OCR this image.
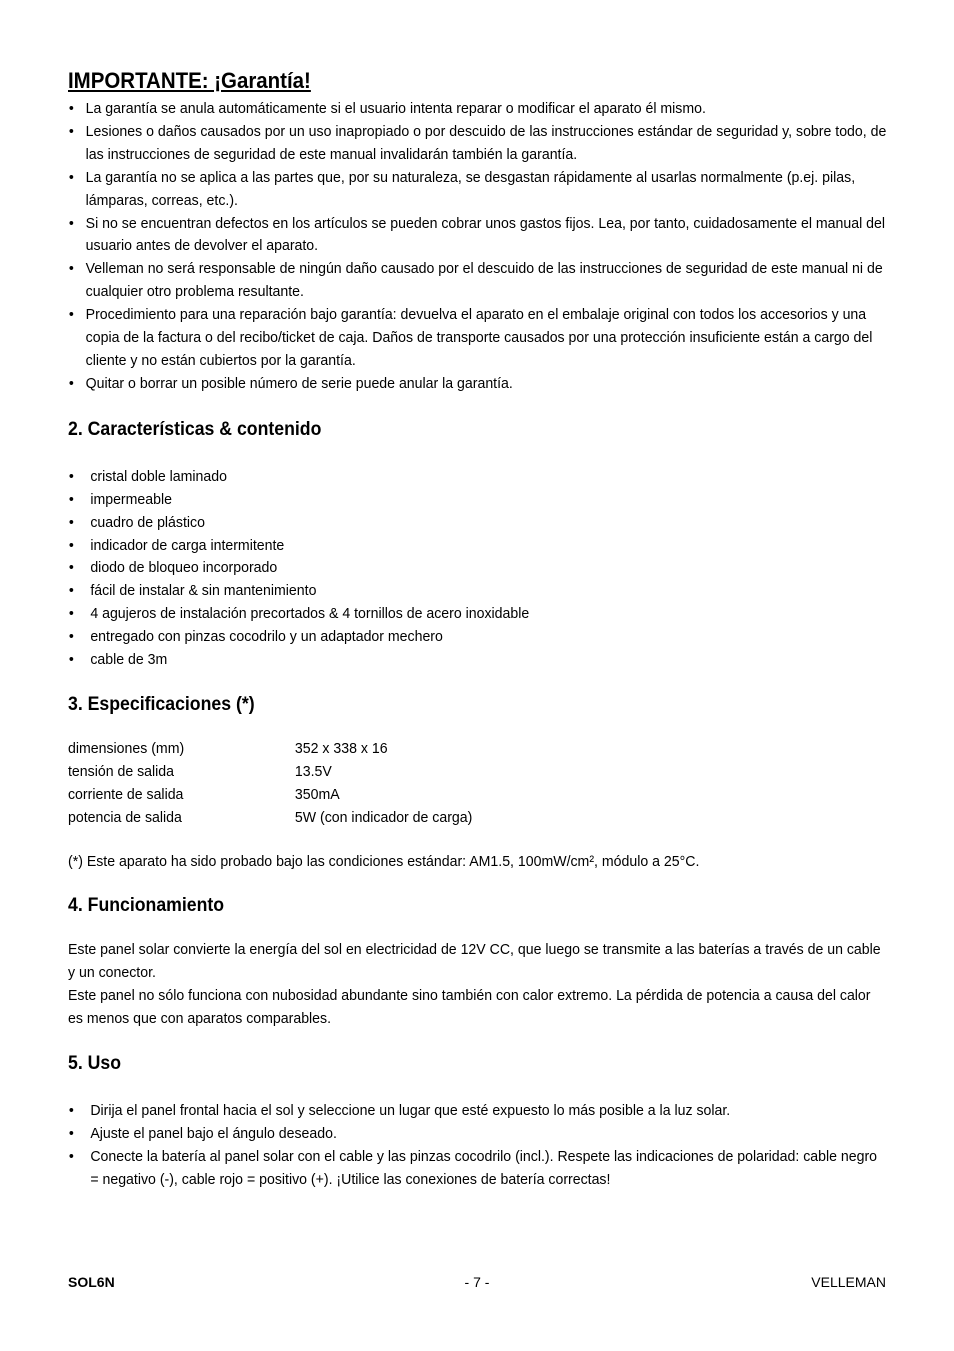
IMPORTANTE: ¡Garantía!
• La garantía se anula automáticamente si el usuario intenta reparar o modificar el aparato él mismo.
• Lesiones o daños causados por un uso inapropiado o por descuido de las instrucciones estándar de seguridad y, sobre todo, de las instrucciones de seguridad de este manual invalidarán también la garantía.
• La garantía no se aplica a las partes que, por su naturaleza, se desgastan rápidamente al usarlas normalmente (p.ej. pilas, lámparas, correas, etc.).
• Si no se encuentran defectos en los artículos se pueden cobrar unos gastos fijos. Lea, por tanto, cuidadosamente el manual del usuario antes de devolver el aparato.
• Velleman no será responsable de ningún daño causado por el descuido de las instrucciones de seguridad de este manual ni de cualquier otro problema resultante.
• Procedimiento para una reparación bajo garantía: devuelva el aparato en el embalaje original con todos los accesorios y una copia de la factura o del recibo/ticket de caja. Daños de transporte causados por una protección insuficiente están a cargo del cliente y no están cubiertos por la garantía.
• Quitar o borrar un posible número de serie puede anular la garantía.
2. Características & contenido
• cristal doble laminado
• impermeable
• cuadro de plástico
• indicador de carga intermitente
• diodo de bloqueo incorporado
• fácil de instalar & sin mantenimiento
• 4 agujeros de instalación precortados & 4 tornillos de acero inoxidable
• entregado con pinzas cocodrilo y un adaptador mechero
• cable de 3m
3. Especificaciones (*)
dimensiones (mm)	352 x 338 x 16
tensión de salida	13.5V
corriente de salida	350mA
potencia de salida	5W (con indicador de carga)

(*) Este aparato ha sido probado bajo las condiciones estándar: AM1.5, 100mW/cm², módulo a 25°C.

4. Funcionamiento

Este panel solar convierte la energía del sol en electricidad de 12V CC, que luego se transmite a las baterías a través de un cable y un conector.

Este panel no sólo funciona con nubosidad abundante sino también con calor extremo. La pérdida de potencia a causa del calor es menos que con aparatos comparables.

5. Uso
• Dirija el panel frontal hacia el sol y seleccione un lugar que esté expuesto lo más posible a la luz solar.
• Ajuste el panel bajo el ángulo deseado.
• Conecte la batería al panel solar con el cable y las pinzas cocodrilo (incl.). Respete las indicaciones de polaridad: cable negro = negativo (-), cable rojo = positivo (+). ¡Utilice las conexiones de batería correctas!
SOL6N	- 7 -	VELLEMAN
